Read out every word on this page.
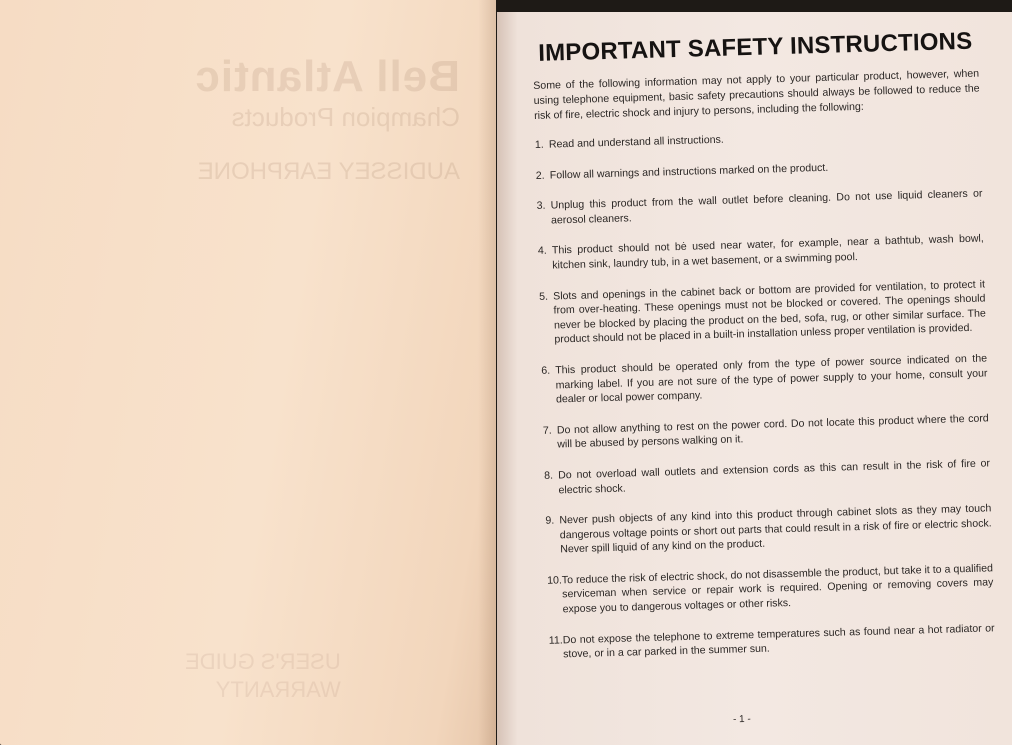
Bell Atlantic
Champion Products
AUDISSEY EARPHONE
USER'S GUIDE
WARRANTY
IMPORTANT SAFETY INSTRUCTIONS

Some of the following information may not apply to your particular product, however, when using telephone equipment, basic safety precautions should always be followed to reduce the risk of fire, electric shock and injury to persons, including the following:

1. Read and understand all instructions.
2. Follow all warnings and instructions marked on the product.
3. Unplug this product from the wall outlet before cleaning. Do not use liquid cleaners or aerosol cleaners.
4. This product should not bė used near water, for example, near a bathtub, wash bowl, kitchen sink, laundry tub, in a wet basement, or a swimming pool.
5. Slots and openings in the cabinet back or bottom are provided for ventilation, to protect it from over-heating. These openings must not be blocked or covered. The openings should never be blocked by placing the product on the bed, sofa, rug, or other similar surface. The product should not be placed in a built-in installation unless proper ventilation is provided.
6. This product should be operated only from the type of power source indicated on the marking label. If you are not sure of the type of power supply to your home, consult your dealer or local power company.
7. Do not allow anything to rest on the power cord. Do not locate this product where the cord will be abused by persons walking on it.
8. Do not overload wall outlets and extension cords as this can result in the risk of fire or electric shock.
9. Never push objects of any kind into this product through cabinet slots as they may touch dangerous voltage points or short out parts that could result in a risk of fire or electric shock. Never spill liquid of any kind on the product.
10. To reduce the risk of electric shock, do not disassemble the product, but take it to a qualified serviceman when service or repair work is required. Opening or removing covers may expose you to dangerous voltages or other risks.
11. Do not expose the telephone to extreme temperatures such as found near a hot radiator or stove, or in a car parked in the summer sun.
- 1 -
